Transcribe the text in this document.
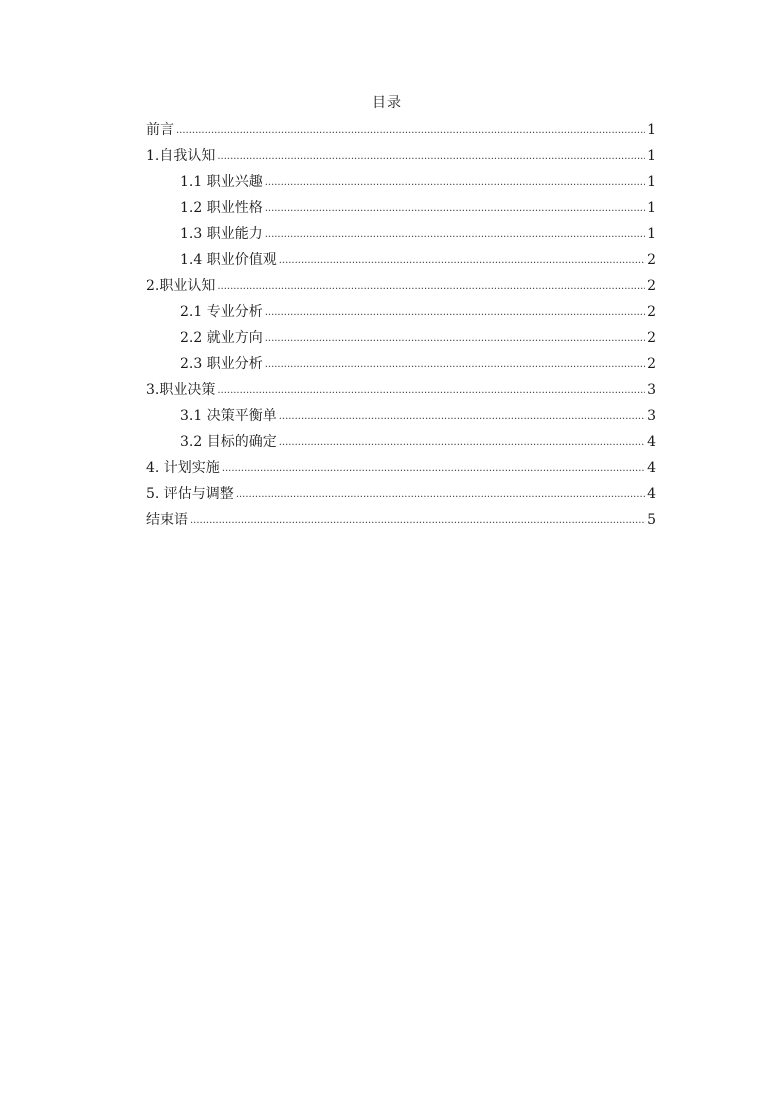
目录
前言 .....	1
1.自我认知 .....	1
1.1 职业兴趣 .....	1
1.2 职业性格 .....	1
1.3 职业能力 .....	1
1.4 职业价值观 .....	2
2.职业认知 .....	2
2.1 专业分析 .....	2
2.2 就业方向 .....	2
2.3 职业分析 .....	2
3.职业决策 .....	3
3.1 决策平衡单 .....	3
3.2 目标的确定 .....	4
4. 计划实施 .....	4
5. 评估与调整 .....	4
结束语 .....	5
